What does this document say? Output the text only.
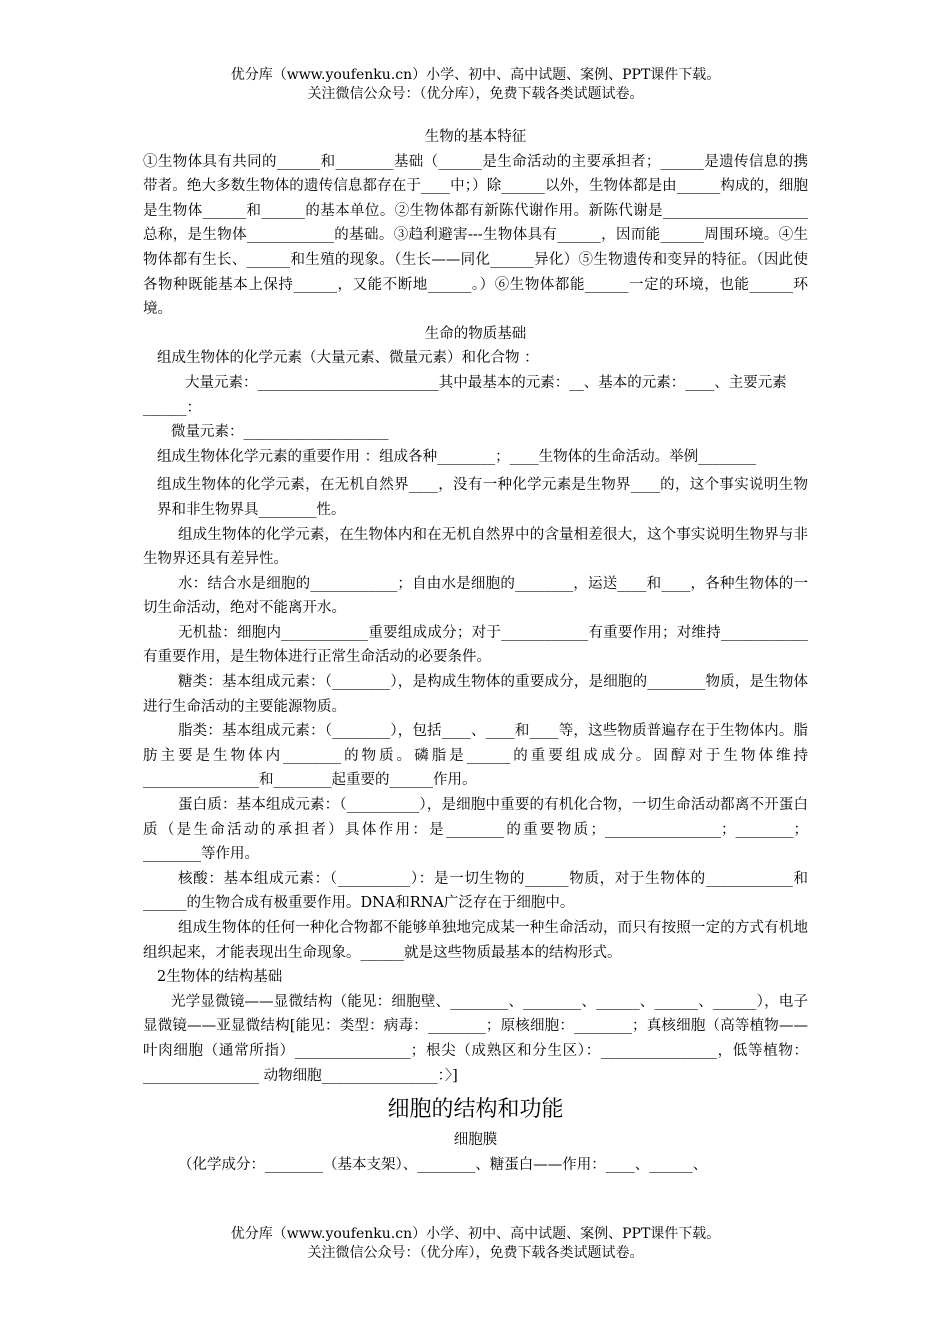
优分库（www.youfenku.cn）小学、初中、高中试题、案例、PPT课件下载。
关注微信公众号：（优分库），免费下载各类试题试卷。

生物的基本特征

①生物体具有共同的______和________基础（______是生命活动的主要承担者；______是遗传信息的携带者。绝大多数生物体的遗传信息都存在于____中；）除______以外，生物体都是由______构成的，细胞是生物体______和______的基本单位。②生物体都有新陈代谢作用。新陈代谢是____________________总称，是生物体____________的基础。③趋利避害---生物体具有______，因而能______周围环境。④生物体都有生长、______和生殖的现象。（生长——同化______异化）⑤生物遗传和变异的特征。（因此使各物种既能基本上保持______，又能不断地______。）⑥生物体都能______一定的环境，也能______环境。

生命的物质基础

组成生物体的化学元素（大量元素、微量元素）和化合物 ：

大量元素：_________________________其中最基本的元素：__、基本的元素：____、主要元素______：

微量元素：____________________

组成生物体化学元素的重要作用 ：组成各种________；____生物体的生命活动。举例________

组成生物体的化学元素，在无机自然界____，没有一种化学元素是生物界____的，这个事实说明生物界和非生物界具________性。

组成生物体的化学元素，在生物体内和在无机自然界中的含量相差很大，这个事实说明生物界与非生物界还具有差异性。

水：结合水是细胞的____________；自由水是细胞的________，运送____和____，各种生物体的一切生命活动，绝对不能离开水。

无机盐：细胞内____________重要组成成分；对于____________有重要作用；对维持____________有重要作用，是生物体进行正常生命活动的必要条件。

糖类：基本组成元素：（________），是构成生物体的重要成分，是细胞的________物质，是生物体进行生命活动的主要能源物质。

脂类：基本组成元素：（________），包括____、____和____等，这些物质普遍存在于生物体内。脂肪主要是生物体内________的物质。磷脂是______的重要组成成分。固醇对于生物体维持________________和________起重要的______作用。

蛋白质：基本组成元素：（__________），是细胞中重要的有机化合物，一切生命活动都离不开蛋白质（是生命活动的承担者）具体作用：是________的重要物质；________________；________；________等作用。

核酸：基本组成元素：（__________）：是一切生物的______物质，对于生物体的____________和______的生物合成有极重要作用。DNA和RNA广泛存在于细胞中。

组成生物体的任何一种化合物都不能够单独地完成某一种生命活动，而只有按照一定的方式有机地组织起来，才能表现出生命现象。______就是这些物质最基本的结构形式。

2生物体的结构基础

光学显微镜——显微结构（能见：细胞壁、________、________、______、______、______），电子显微镜——亚显微结构[能见：类型：病毒：________；原核细胞：________；真核细胞（高等植物——叶肉细胞（通常所指）________________；根尖（成熟区和分生区）：________________，低等植物：________________ 动物细胞________________：〉]

细胞的结构和功能

细胞膜

（化学成分：________（基本支架）、________、糖蛋白——作用：____、______、

优分库（www.youfenku.cn）小学、初中、高中试题、案例、PPT课件下载。
关注微信公众号：（优分库），免费下载各类试题试卷。
